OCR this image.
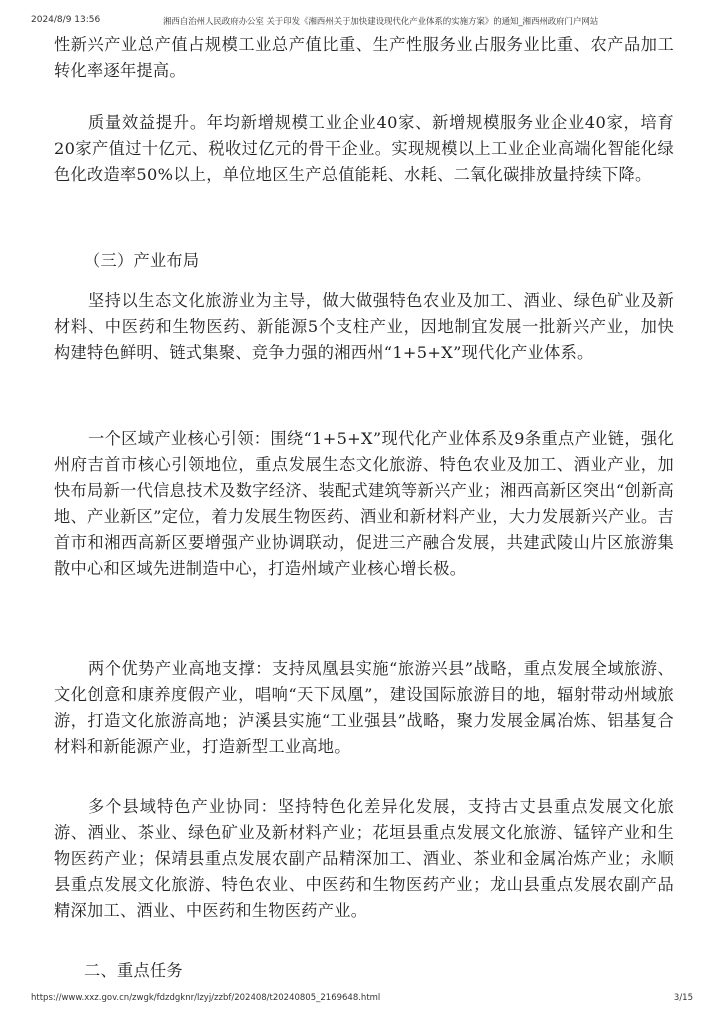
2024/8/9 13:56	湘西自治州人民政府办公室 关于印发《湘西州关于加快建设现代化产业体系的实施方案》的通知_湘西州政府门户网站

性新兴产业总产值占规模工业总产值比重、生产性服务业占服务业比重、农产品加工转化率逐年提高。

质量效益提升。年均新增规模工业企业40家、新增规模服务业企业40家，培育20家产值过十亿元、税收过亿元的骨干企业。实现规模以上工业企业高端化智能化绿色化改造率50%以上，单位地区生产总值能耗、水耗、二氧化碳排放量持续下降。

（三）产业布局

坚持以生态文化旅游业为主导，做大做强特色农业及加工、酒业、绿色矿业及新材料、中医药和生物医药、新能源5个支柱产业，因地制宜发展一批新兴产业，加快构建特色鲜明、链式集聚、竞争力强的湘西州“1+5+X”现代化产业体系。

一个区域产业核心引领：围绕“1+5+X”现代化产业体系及9条重点产业链，强化州府吉首市核心引领地位，重点发展生态文化旅游、特色农业及加工、酒业产业，加快布局新一代信息技术及数字经济、装配式建筑等新兴产业；湘西高新区突出“创新高地、产业新区”定位，着力发展生物医药、酒业和新材料产业，大力发展新兴产业。吉首市和湘西高新区要增强产业协调联动，促进三产融合发展，共建武陵山片区旅游集散中心和区域先进制造中心，打造州域产业核心增长极。

两个优势产业高地支撑：支持凤凰县实施“旅游兴县”战略，重点发展全域旅游、文化创意和康养度假产业，唱响“天下凤凰”，建设国际旅游目的地，辐射带动州域旅游，打造文化旅游高地；泸溪县实施“工业强县”战略，聚力发展金属冶炼、铝基复合材料和新能源产业，打造新型工业高地。

多个县域特色产业协同：坚持特色化差异化发展，支持古丈县重点发展文化旅游、酒业、茶业、绿色矿业及新材料产业；花垣县重点发展文化旅游、锰锌产业和生物医药产业；保靖县重点发展农副产品精深加工、酒业、茶业和金属冶炼产业；永顺县重点发展文化旅游、特色农业、中医药和生物医药产业；龙山县重点发展农副产品精深加工、酒业、中医药和生物医药产业。

二、重点任务

https://www.xxz.gov.cn/zwgk/fdzdgknr/lzyj/zzbf/202408/t20240805_2169648.html	3/15
